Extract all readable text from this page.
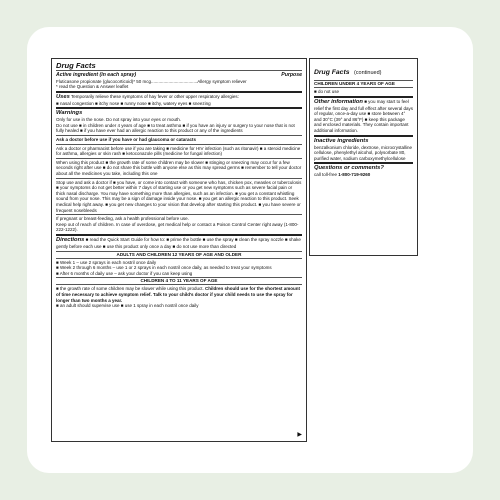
Drug Facts
Active ingredient (in each spray)	Purpose

Fluticasone propionate (glucocorticoid)* 50 mcg.....................................Allergy symptom reliever

* read the Question & Answer leaflet

Uses Temporarily relieve these symptoms of hay fever or other upper respiratory allergies:

■ nasal congestion ■ itchy nose ■ runny nose ■ itchy, watery eyes ■ sneezing

Warnings

Only for use in the nose. Do not spray into your eyes or mouth.

Do not use ■ in children under 4 years of age ■ to treat asthma ■ if you have an injury or surgery to your nose that is not fully healed ■ if you have ever had an allergic reaction to this product or any of the ingredients

Ask a doctor before use if you have or had glaucoma or cataracts

Ask a doctor or pharmacist before use if you are taking ■ medicine for HIV infection (such as ritonavir) ■ a steroid medicine for asthma, allergies or skin rash ■ ketoconazole pills (medicine for fungal infection)

When using this product ■ the growth rate of some children may be slower ■ stinging or sneezing may occur for a few seconds right after use ■ do not share this bottle with anyone else as this may spread germs ■ remember to tell your doctor about all the medicines you take, including this one

Stop use and ask a doctor if ■ you have, or come into contact with someone who has, chicken pox, measles or tuberculosis ■ your symptoms do not get better within 7 days of starting use or you get new symptoms such as severe facial pain or thick nasal discharge. You may have something more than allergies, such as an infection. ■ you get a constant whistling sound from your nose. This may be a sign of damage inside your nose. ■ you get an allergic reaction to this product. Seek medical help right away. ■ you get new changes to your vision that develop after starting this product. ■ you have severe or frequent nosebleeds

If pregnant or breast-feeding, ask a health professional before use.

Keep out of reach of children. In case of overdose, get medical help or contact a Poison Control Center right away (1-800-222-1222).

Directions ■ read the Quick Start Guide for how to: ■ prime the bottle ■ use the spray ■ clean the spray nozzle ■ shake gently before each use ■ use this product only once a day ■ do not use more than directed

ADULTS AND CHILDREN 12 YEARS OF AGE AND OLDER

■ Week 1 – use 2 sprays in each nostril once daily

■ Week 2 through 6 months – use 1 or 2 sprays in each nostril once daily, as needed to treat your symptoms

■ After 6 months of daily use – ask your doctor if you can keep using

CHILDREN 4 TO 11 YEARS OF AGE

■ the growth rate of some children may be slower while using this product. Children should use for the shortest amount of time necessary to achieve symptom relief. Talk to your child's doctor if your child needs to use the spray for longer than two months a year.

■ an adult should supervise use ■ use 1 spray in each nostril once daily

▶
Drug Facts (continued)
CHILDREN UNDER 4 YEARS OF AGE

■ do not use

Other information ■ you may start to feel relief the first day and full effect after several days of regular, once-a-day use ■ store between 4° and 30°C (39° and 86°F) ■ keep this package and enclosed materials. They contain important additional information.

Inactive ingredients

benzalkonium chloride, dextrose, microcrystalline cellulose, phenylethyl alcohol, polysorbate 80, purified water, sodium carboxymethylcellulose

Questions or comments?

call toll-free 1-800-719-9260
